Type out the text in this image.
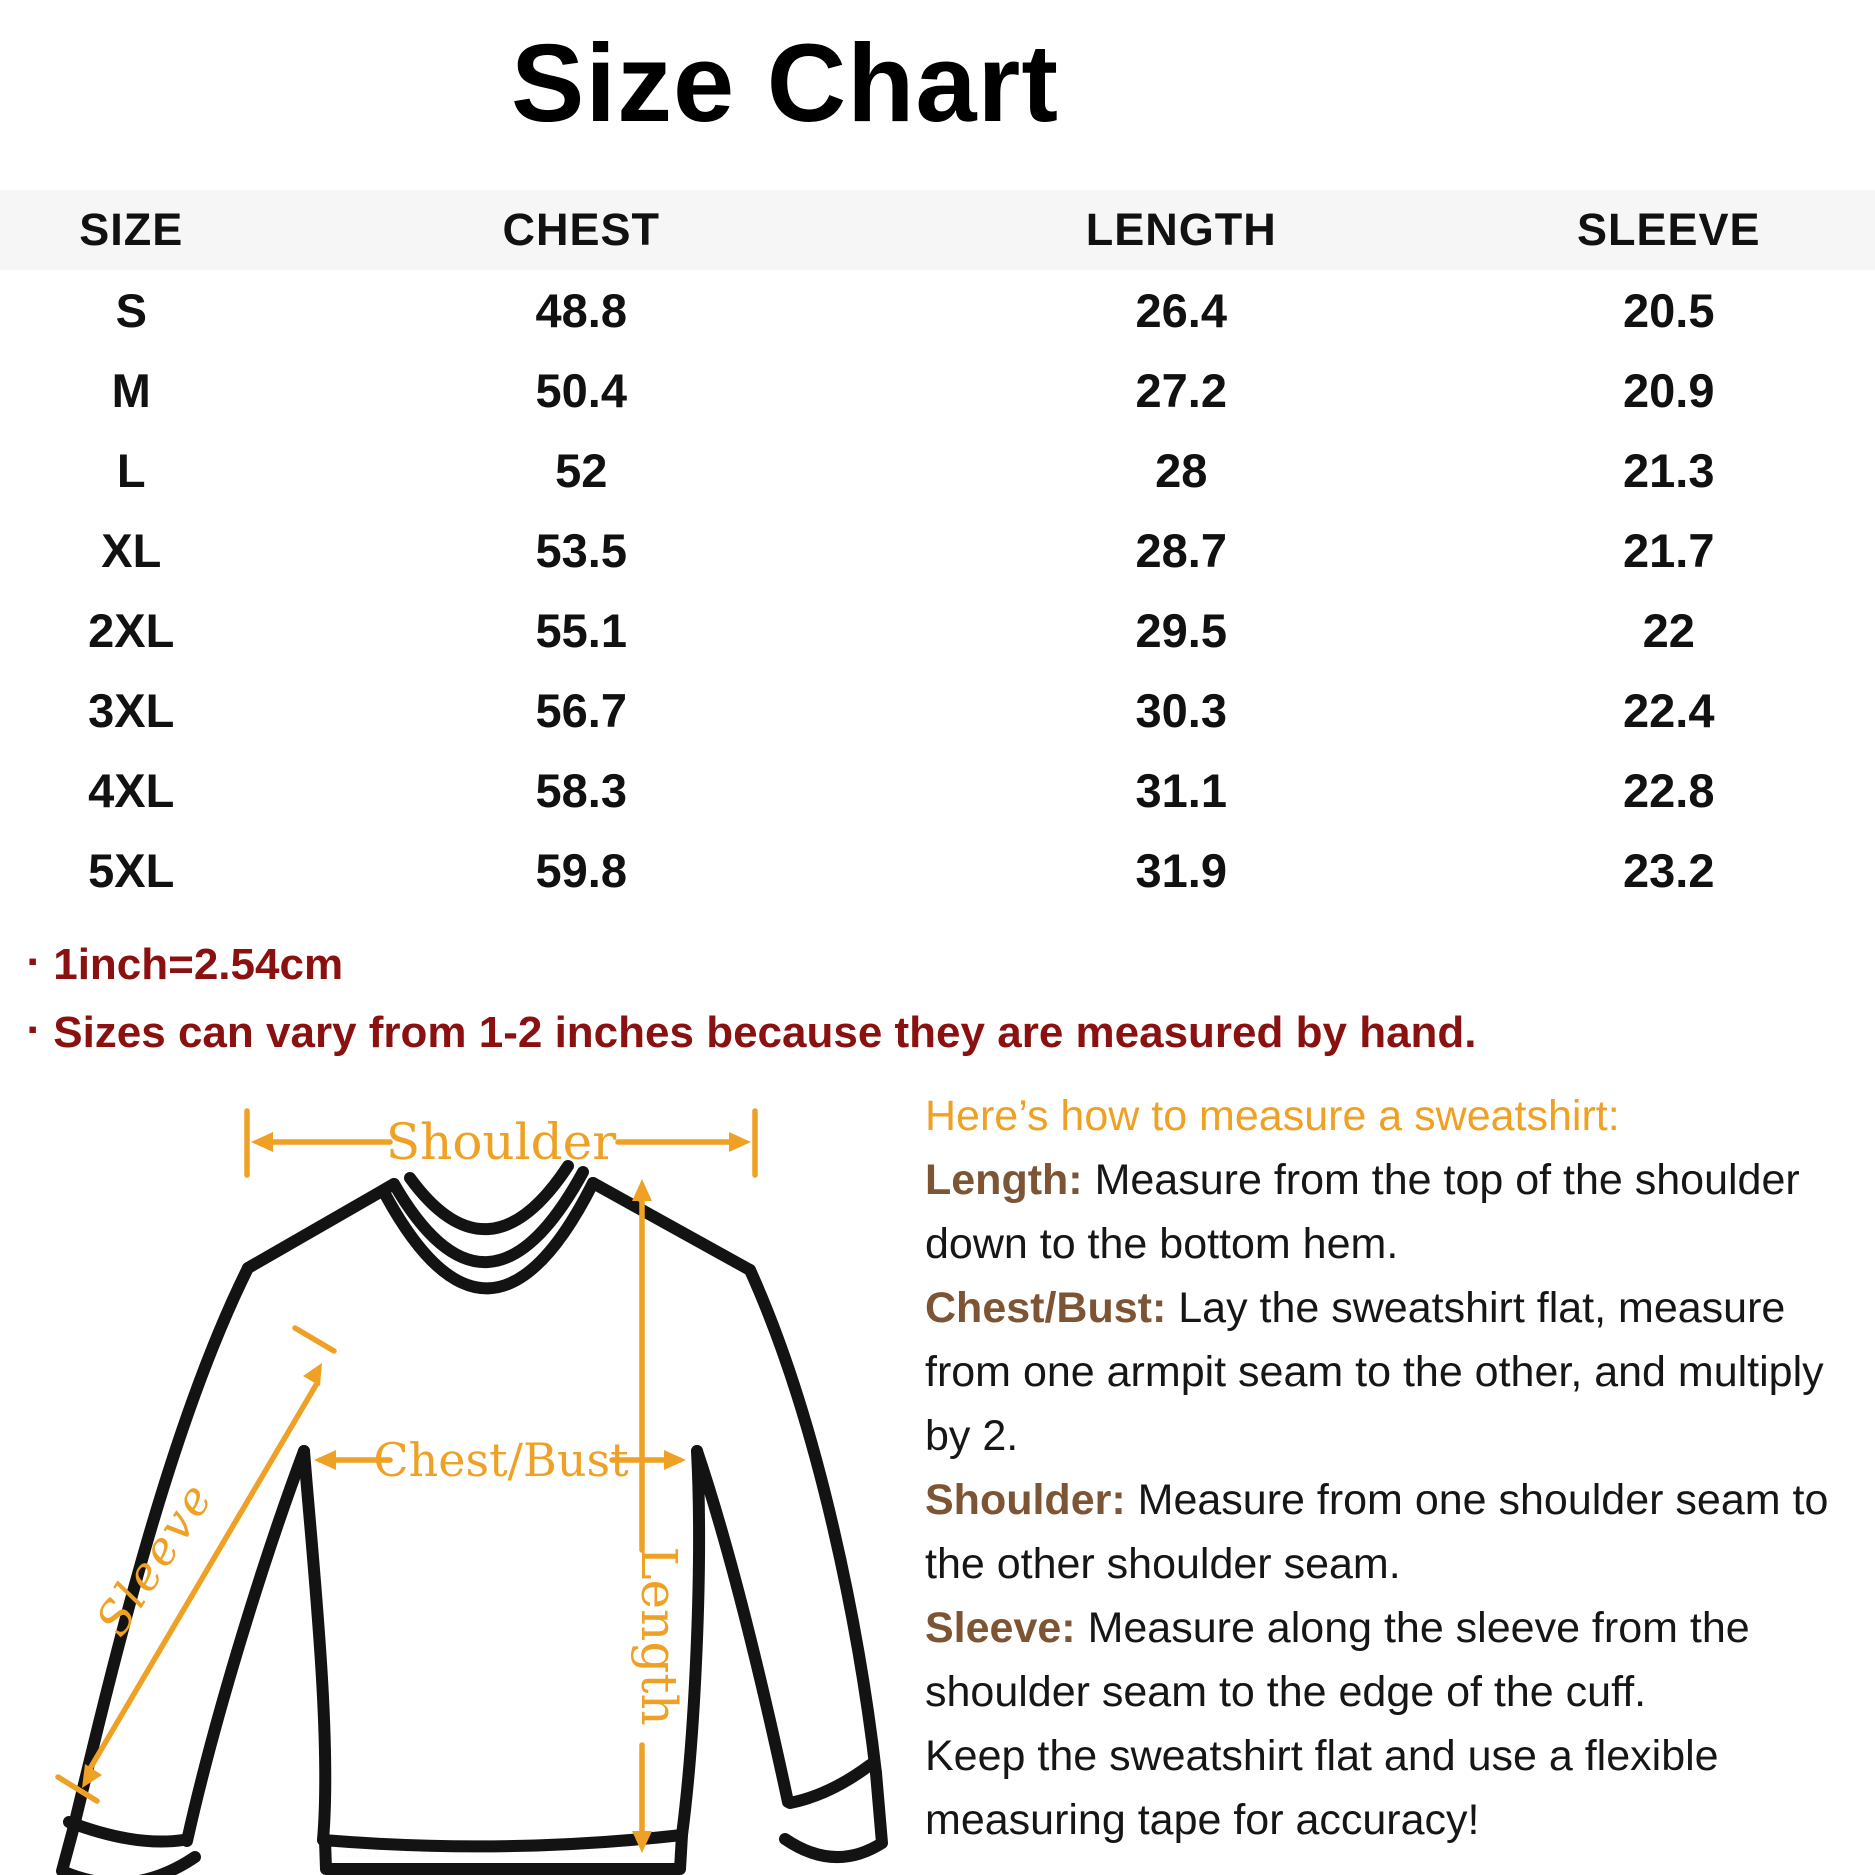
Size Chart
SIZE	CHEST	LENGTH	SLEEVE
S	48.8	26.4	20.5
M	50.4	27.2	20.9
L	52	28	21.3
XL	53.5	28.7	21.7
2XL	55.1	29.5	22
3XL	56.7	30.3	22.4
4XL	58.3	31.1	22.8
5XL	59.8	31.9	23.2
▪ 1inch=2.54cm
▪ Sizes can vary from 1-2 inches because they are measured by hand.
Shoulder
Chest/Bust
Length
Sleeve

Here’s how to measure a sweatshirt:

Length: Measure from the top of the shoulder down to the bottom hem.

Chest/Bust: Lay the sweatshirt flat, measure from one armpit seam to the other, and multiply by 2.

Shoulder: Measure from one shoulder seam to the other shoulder seam.

Sleeve: Measure along the sleeve from the shoulder seam to the edge of the cuff.

Keep the sweatshirt flat and use a flexible measuring tape for accuracy!
